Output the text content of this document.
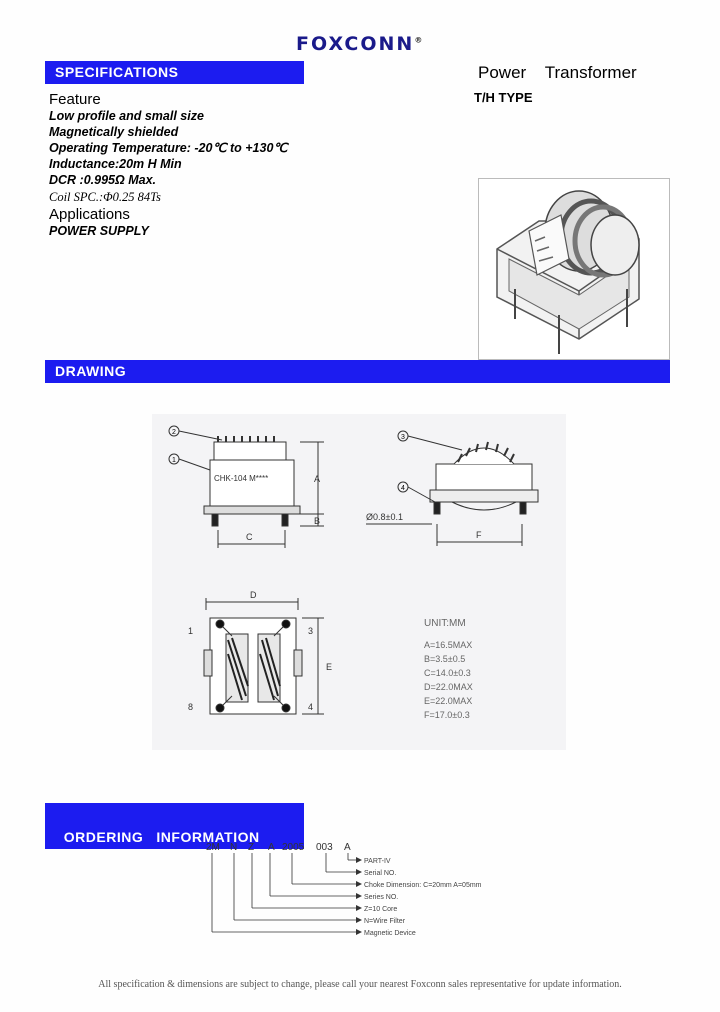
FOXCONN®
SPECIFICATIONS	Power    Transformer
T/H TYPE
Feature
Low profile and small size
Magnetically shielded
Operating Temperature: -20℃ to +130℃
Inductance:20m H Min
DCR :0.995Ω Max.
Coil SPC.:Φ0.25 84Ts
Applications
POWER SUPPLY
DRAWING
2
1
3
4
CHK-104 M****	A
B
C
Ø0.8±0.1
F
D
E
1	3
8	4
UNIT:MM
A=16.5MAX
B=3.5±0.5
C=14.0±0.3
D=22.0MAX
E=22.0MAX
F=17.0±0.3

ORDERING   INFORMATION

2M N Z A 2005 003 A
PART-IV
Serial NO.
Choke Dimension: C=20mm A=05mm
Series NO.
Z=10 Core
N=Wire Filter
Magnetic Device
All specification & dimensions are subject to change, please call your nearest Foxconn sales representative for update information.
